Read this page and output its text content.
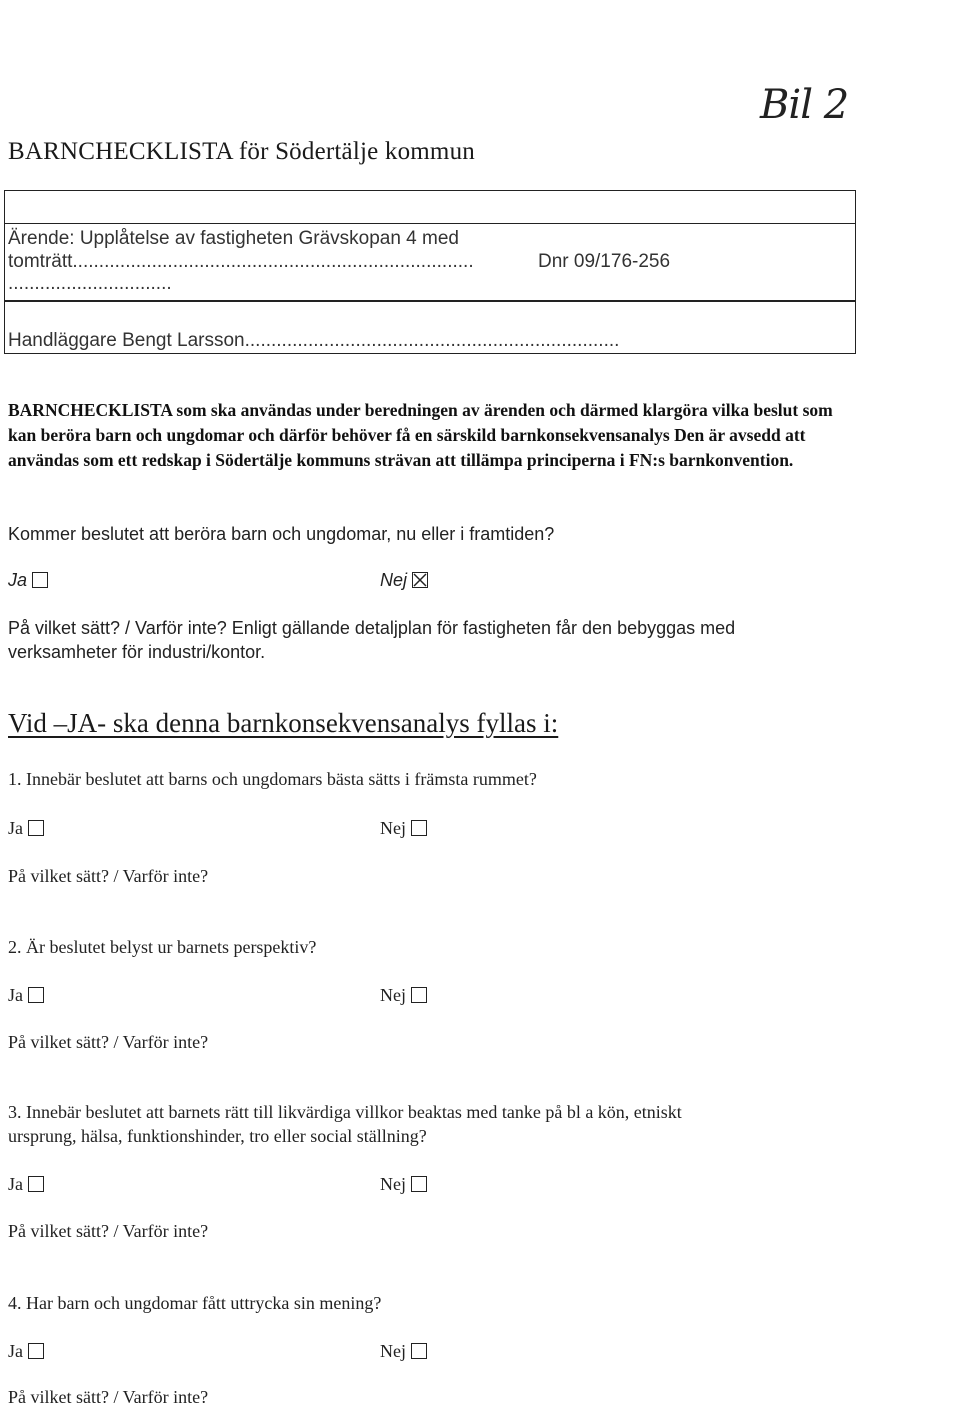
Bil 2
BARNCHECKLISTA för Södertälje kommun
Ärende: Upplåtelse av fastigheten Grävskopan 4 med
tomträtt............................................................................	Dnr 09/176-256
...............................
Handläggare Bengt Larsson.......................................................................
BARNCHECKLISTA som ska användas under beredningen av ärenden och därmed klargöra vilka beslut som kan beröra barn och ungdomar och därför behöver få en särskild barnkonsekvensanalys Den är avsedd att användas som ett redskap i Södertälje kommuns strävan att tillämpa principerna i FN:s barnkonvention.
Kommer beslutet att beröra barn och ungdomar, nu eller i framtiden?
Ja	Nej
På vilket sätt? / Varför inte? Enligt gällande detaljplan för fastigheten får den bebyggas med
verksamheter för industri/kontor.
Vid –JA- ska denna barnkonsekvensanalys fyllas i:
1. Innebär beslutet att barns och ungdomars bästa sätts i främsta rummet?
Ja	Nej
På vilket sätt? / Varför inte?
2. Är beslutet belyst ur barnets perspektiv?
Ja	Nej
På vilket sätt? / Varför inte?
3. Innebär beslutet att barnets rätt till likvärdiga villkor beaktas med tanke på bl a kön, etniskt
ursprung, hälsa, funktionshinder, tro eller social ställning?
Ja	Nej
På vilket sätt? / Varför inte?
4. Har barn och ungdomar fått uttrycka sin mening?
Ja	Nej
På vilket sätt? / Varför inte?
